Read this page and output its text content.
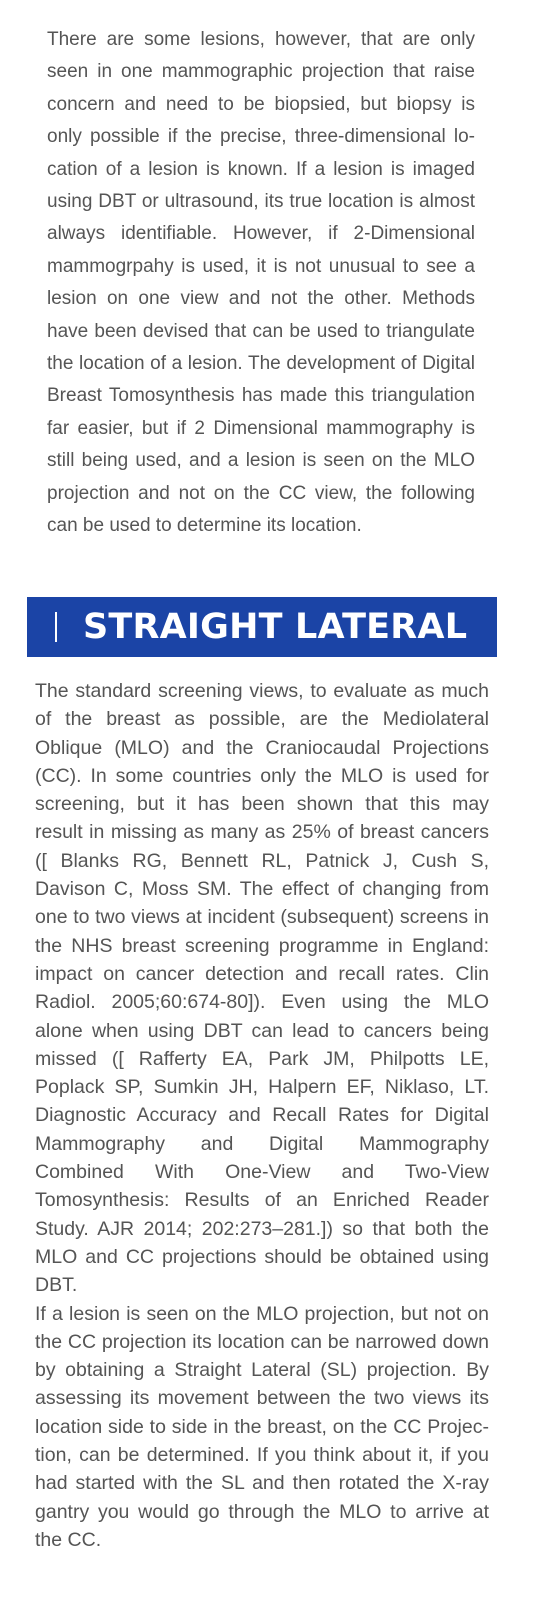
There are some lesions, however, that are only seen in one mammographic projection that raise concern and need to be biopsied, but biopsy is only possible if the precise, three-dimensional location of a lesion is known. If a lesion is imaged using DBT or ultrasound, its true location is almost always identifiable. However, if 2-Dimensional mammogrpahy is used, it is not unusual to see a lesion on one view and not the other. Methods have been devised that can be used to triangulate the location of a lesion. The development of Digital Breast Tomosynthesis has made this triangulation far easier, but if 2 Dimensional mammography is still being used, and a lesion is seen on the MLO projection and not on the CC view, the following can be used to determine its location.

STRAIGHT LATERAL

The standard screening views, to evaluate as much of the breast as possible, are the Mediolateral Oblique (MLO) and the Craniocaudal Projections (CC). In some countries only the MLO is used for screening, but it has been shown that this may result in missing as many as 25% of breast cancers ([ Blanks RG, Bennett RL, Patnick J, Cush S, Davison C, Moss SM. The effect of changing from one to two views at incident (subsequent) screens in the NHS breast screening programme in England: impact on cancer detection and recall rates. Clin Radiol. 2005;60:674-80]). Even using the MLO alone when using DBT can lead to cancers being missed ([ Rafferty EA, Park JM, Philpotts LE, Poplack SP, Sumkin JH, Halpern EF, Niklaso, LT. Diagnostic Accuracy and Recall Rates for Digital Mammography and Digital Mammography Combined With One-View and Two-View Tomosynthesis: Results of an Enriched Reader Study. AJR 2014; 202:273–281.]) so that both the MLO and CC projections should be obtained using DBT.

If a lesion is seen on the MLO projection, but not on the CC projection its location can be narrowed down by obtaining a Straight Lateral (SL) projection. By assessing its movement between the two views its location side to side in the breast, on the CC Projection, can be determined. If you think about it, if you had started with the SL and then rotated the X-ray gantry you would go through the MLO to arrive at the CC.
